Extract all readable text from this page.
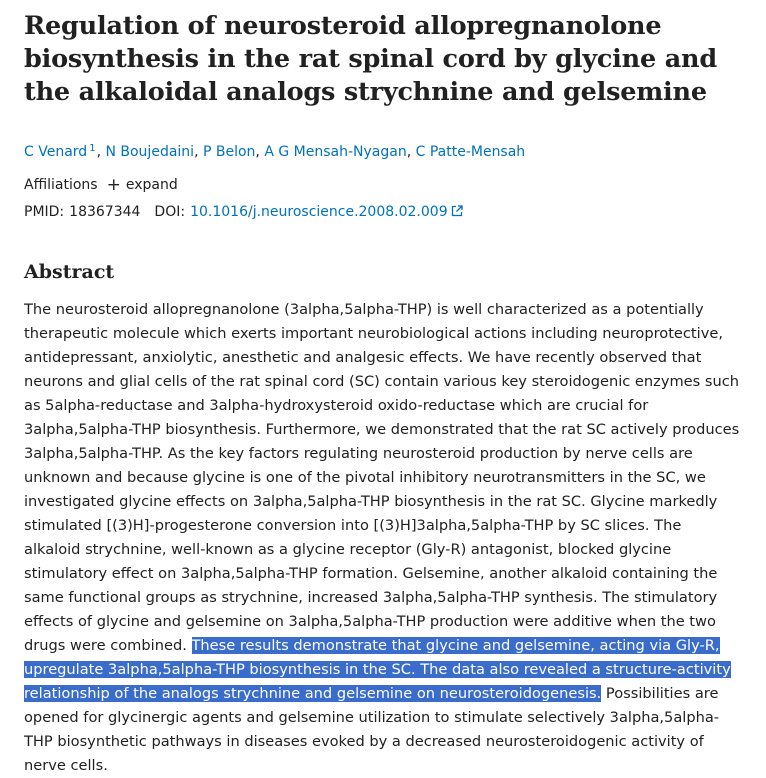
Regulation of neurosteroid allopregnanolone biosynthesis in the rat spinal cord by glycine and the alkaloidal analogs strychnine and gelsemine
C Venard $^1$, N Boujedaini, P Belon, A G Mensah-Nyagan, C Patte-Mensah
Affiliations + expand
PMID: 18367344 DOI: 10.1016/j.neuroscience.2008.02.009
Abstract

The neurosteroid allopregnanolone (3alpha,5alpha-THP) is well characterized as a potentially therapeutic molecule which exerts important neurobiological actions including neuroprotective, antidepressant, anxiolytic, anesthetic and analgesic effects. We have recently observed that neurons and glial cells of the rat spinal cord (SC) contain various key steroidogenic enzymes such as 5alpha-reductase and 3alpha-hydroxysteroid oxido-reductase which are crucial for 3alpha,5alpha-THP biosynthesis. Furthermore, we demonstrated that the rat SC actively produces 3alpha,5alpha-THP. As the key factors regulating neurosteroid production by nerve cells are unknown and because glycine is one of the pivotal inhibitory neurotransmitters in the SC, we investigated glycine effects on 3alpha,5alpha-THP biosynthesis in the rat SC. Glycine markedly stimulated [(3)H]-progesterone conversion into [(3)H]3alpha,5alpha-THP by SC slices. The alkaloid strychnine, well-known as a glycine receptor (Gly-R) antagonist, blocked glycine stimulatory effect on 3alpha,5alpha-THP formation. Gelsemine, another alkaloid containing the same functional groups as strychnine, increased 3alpha,5alpha-THP synthesis. The stimulatory effects of glycine and gelsemine on 3alpha,5alpha-THP production were additive when the two drugs were combined. These results demonstrate that glycine and gelsemine, acting via Gly-R, upregulate 3alpha,5alpha-THP biosynthesis in the SC. The data also revealed a structure-activity relationship of the analogs strychnine and gelsemine on neurosteroidogenesis. Possibilities are opened for glycinergic agents and gelsemine utilization to stimulate selectively 3alpha,5alpha-THP biosynthetic pathways in diseases evoked by a decreased neurosteroidogenic activity of nerve cells.
